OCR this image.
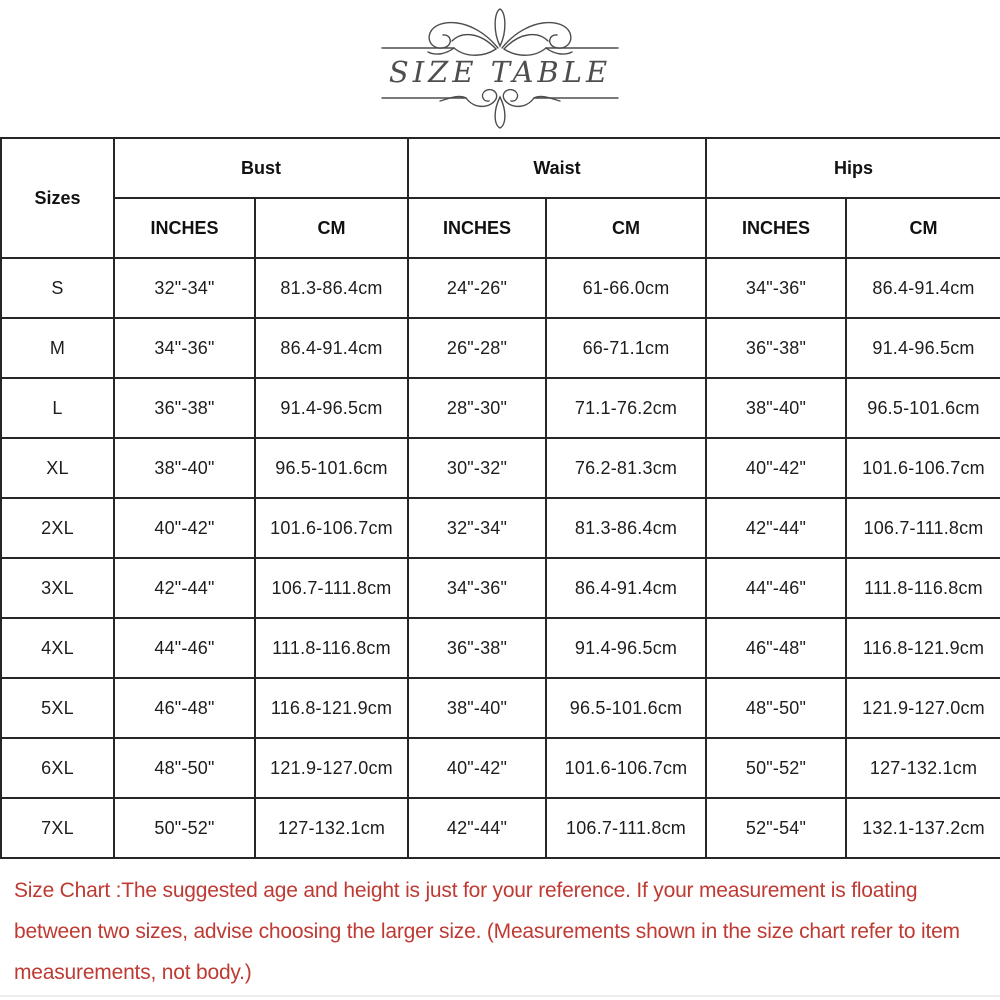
SIZE TABLE
Sizes	Bust		Waist		Hips	
	INCHES	CM	INCHES	CM	INCHES	CM
S	32"-34"	81.3-86.4cm	24"-26"	61-66.0cm	34"-36"	86.4-91.4cm
M	34"-36"	86.4-91.4cm	26"-28"	66-71.1cm	36"-38"	91.4-96.5cm
L	36"-38"	91.4-96.5cm	28"-30"	71.1-76.2cm	38"-40"	96.5-101.6cm
XL	38"-40"	96.5-101.6cm	30"-32"	76.2-81.3cm	40"-42"	101.6-106.7cm
2XL	40"-42"	101.6-106.7cm	32"-34"	81.3-86.4cm	42"-44"	106.7-111.8cm
3XL	42"-44"	106.7-111.8cm	34"-36"	86.4-91.4cm	44"-46"	111.8-116.8cm
4XL	44"-46"	111.8-116.8cm	36"-38"	91.4-96.5cm	46"-48"	116.8-121.9cm
5XL	46"-48"	116.8-121.9cm	38"-40"	96.5-101.6cm	48"-50"	121.9-127.0cm
6XL	48"-50"	121.9-127.0cm	40"-42"	101.6-106.7cm	50"-52"	127-132.1cm
7XL	50"-52"	127-132.1cm	42"-44"	106.7-111.8cm	52"-54"	132.1-137.2cm

Size Chart :The suggested age and height is just for your reference. If your measurement is floating between two sizes, advise choosing the larger size. (Measurements shown in the size chart refer to item measurements, not body.)
